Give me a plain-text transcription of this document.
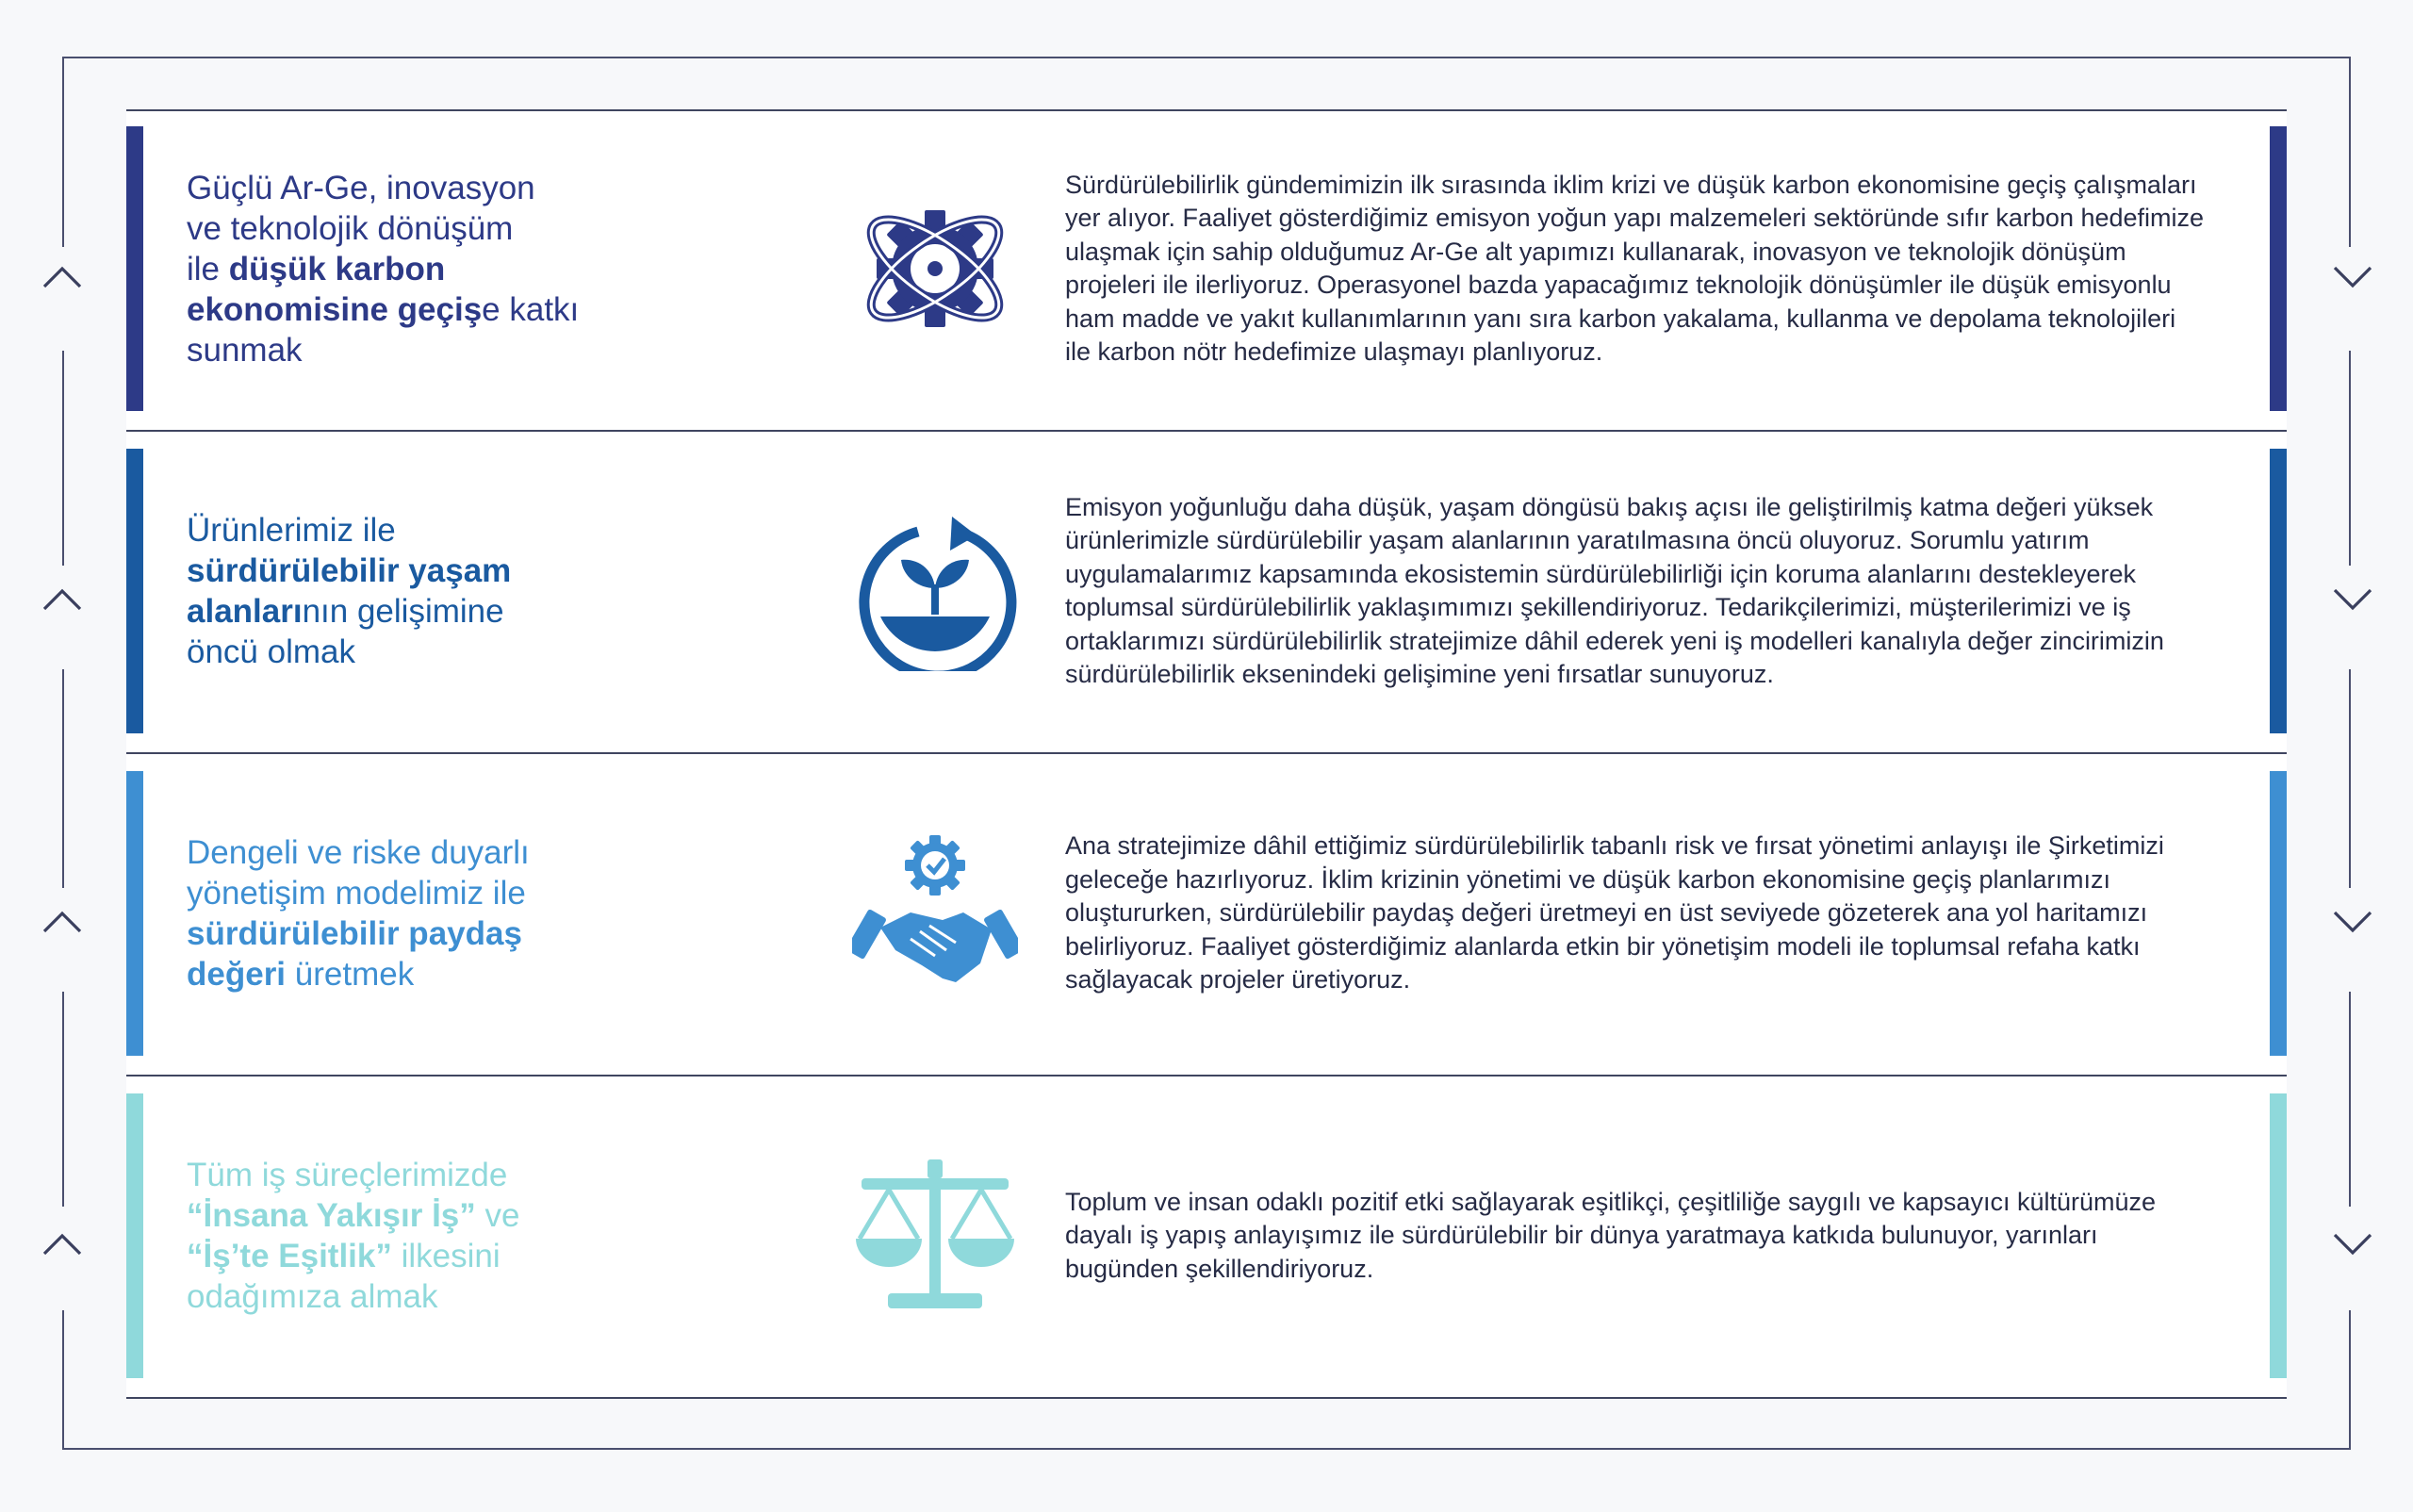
Güçlü Ar-Ge, inovasyon
ve teknolojik dönüşüm
ile düşük karbon
ekonomisine geçişe katkı
sunmak
Sürdürülebilirlik gündemimizin ilk sırasında iklim krizi ve düşük karbon ekonomisine geçiş çalışmaları yer alıyor. Faaliyet gösterdiğimiz emisyon yoğun yapı malzemeleri sektöründe sıfır karbon hedefimize ulaşmak için sahip olduğumuz Ar-Ge alt yapımızı kullanarak, inovasyon ve teknolojik dönüşüm projeleri ile ilerliyoruz. Operasyonel bazda yapacağımız teknolojik dönüşümler ile düşük emisyonlu ham madde ve yakıt kullanımlarının yanı sıra karbon yakalama, kullanma ve depolama teknolojileri ile karbon nötr hedefimize ulaşmayı planlıyoruz.
Ürünlerimiz ile
sürdürülebilir yaşam
alanlarının gelişimine
öncü olmak
Emisyon yoğunluğu daha düşük, yaşam döngüsü bakış açısı ile geliştirilmiş katma değeri yüksek ürünlerimizle sürdürülebilir yaşam alanlarının yaratılmasına öncü oluyoruz. Sorumlu yatırım uygulamalarımız kapsamında ekosistemin sürdürülebilirliği için koruma alanlarını destekleyerek toplumsal sürdürülebilirlik yaklaşımımızı şekillendiriyoruz. Tedarikçilerimizi, müşterilerimizi ve iş ortaklarımızı sürdürülebilirlik stratejimize dâhil ederek yeni iş modelleri kanalıyla değer zincirimizin sürdürülebilirlik eksenindeki gelişimine yeni fırsatlar sunuyoruz.
Dengeli ve riske duyarlı
yönetişim modelimiz ile
sürdürülebilir paydaş
değeri üretmek
Ana stratejimize dâhil ettiğimiz sürdürülebilirlik tabanlı risk ve fırsat yönetimi anlayışı ile Şirketimizi geleceğe hazırlıyoruz. İklim krizinin yönetimi ve düşük karbon ekonomisine geçiş planlarımızı oluştururken, sürdürülebilir paydaş değeri üretmeyi en üst seviyede gözeterek ana yol haritamızı belirliyoruz. Faaliyet gösterdiğimiz alanlarda etkin bir yönetişim modeli ile toplumsal refaha katkı sağlayacak projeler üretiyoruz.
Tüm iş süreçlerimizde
“İnsana Yakışır İş” ve
“İş’te Eşitlik” ilkesini
odağımıza almak
Toplum ve insan odaklı pozitif etki sağlayarak eşitlikçi, çeşitliliğe saygılı ve kapsayıcı kültürümüze dayalı iş yapış anlayışımız ile sürdürülebilir bir dünya yaratmaya katkıda bulunuyor, yarınları bugünden şekillendiriyoruz.
